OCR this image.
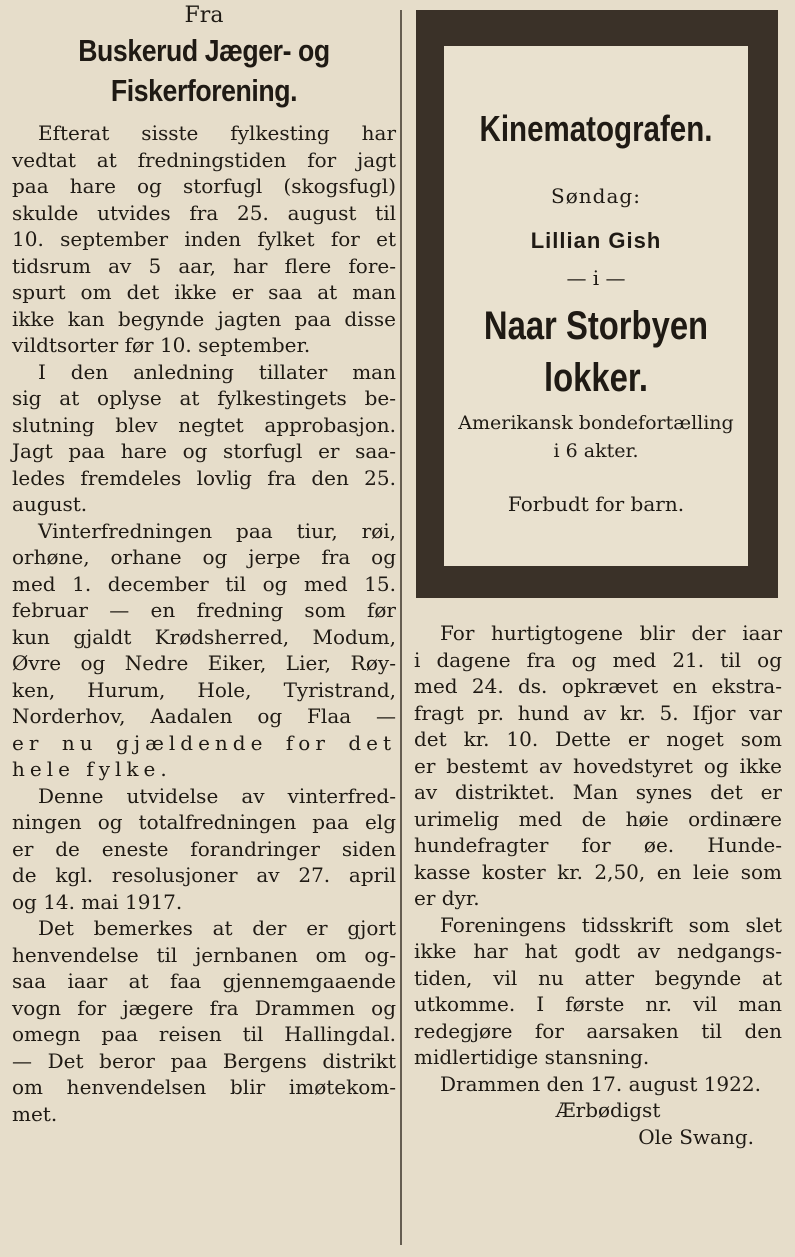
Fra
Buskerud Jæger- og
Fiskerforening.
Efterat sisste fylkesting har
vedtat at fredningstiden for jagt
paa hare og storfugl (skogsfugl)
skulde utvides fra 25. august til
10. september inden fylket for et
tidsrum av 5 aar, har flere fore-
spurt om det ikke er saa at man
ikke kan begynde jagten paa disse
vildtsorter før 10. september.
I den anledning tillater man
sig at oplyse at fylkestingets be-
slutning blev negtet approbasjon.
Jagt paa hare og storfugl er saa-
ledes fremdeles lovlig fra den 25.
august.
Vinterfredningen paa tiur, røi,
orhøne, orhane og jerpe fra og
med 1. december til og med 15.
februar — en fredning som før
kun gjaldt Krødsherred, Modum,
Øvre og Nedre Eiker, Lier, Røy-
ken, Hurum, Hole, Tyristrand,
Norderhov, Aadalen og Flaa —
er nu gjældende for det
hele fylke.
Denne utvidelse av vinterfred-
ningen og totalfredningen paa elg
er de eneste forandringer siden
de kgl. resolusjoner av 27. april
og 14. mai 1917.
Det bemerkes at der er gjort
henvendelse til jernbanen om og-
saa iaar at faa gjennemgaaende
vogn for jægere fra Drammen og
omegn paa reisen til Hallingdal.
— Det beror paa Bergens distrikt
om henvendelsen blir imøtekom-
met.
Kinematografen.
Søndag:
Lillian Gish
— i —
Naar Storbyen
lokker.
Amerikansk bondefortælling
i 6 akter.
Forbudt for barn.
For hurtigtogene blir der iaar
i dagene fra og med 21. til og
med 24. ds. opkrævet en ekstra-
fragt pr. hund av kr. 5. Ifjor var
det kr. 10. Dette er noget som
er bestemt av hovedstyret og ikke
av distriktet. Man synes det er
urimelig med de høie ordinære
hundefragter for øe. Hunde-
kasse koster kr. 2,50, en leie som
er dyr.
Foreningens tidsskrift som slet
ikke har hat godt av nedgangs-
tiden, vil nu atter begynde at
utkomme. I første nr. vil man
redegjøre for aarsaken til den
midlertidige stansning.
Drammen den 17. august 1922.
Ærbødigst
Ole Swang.
